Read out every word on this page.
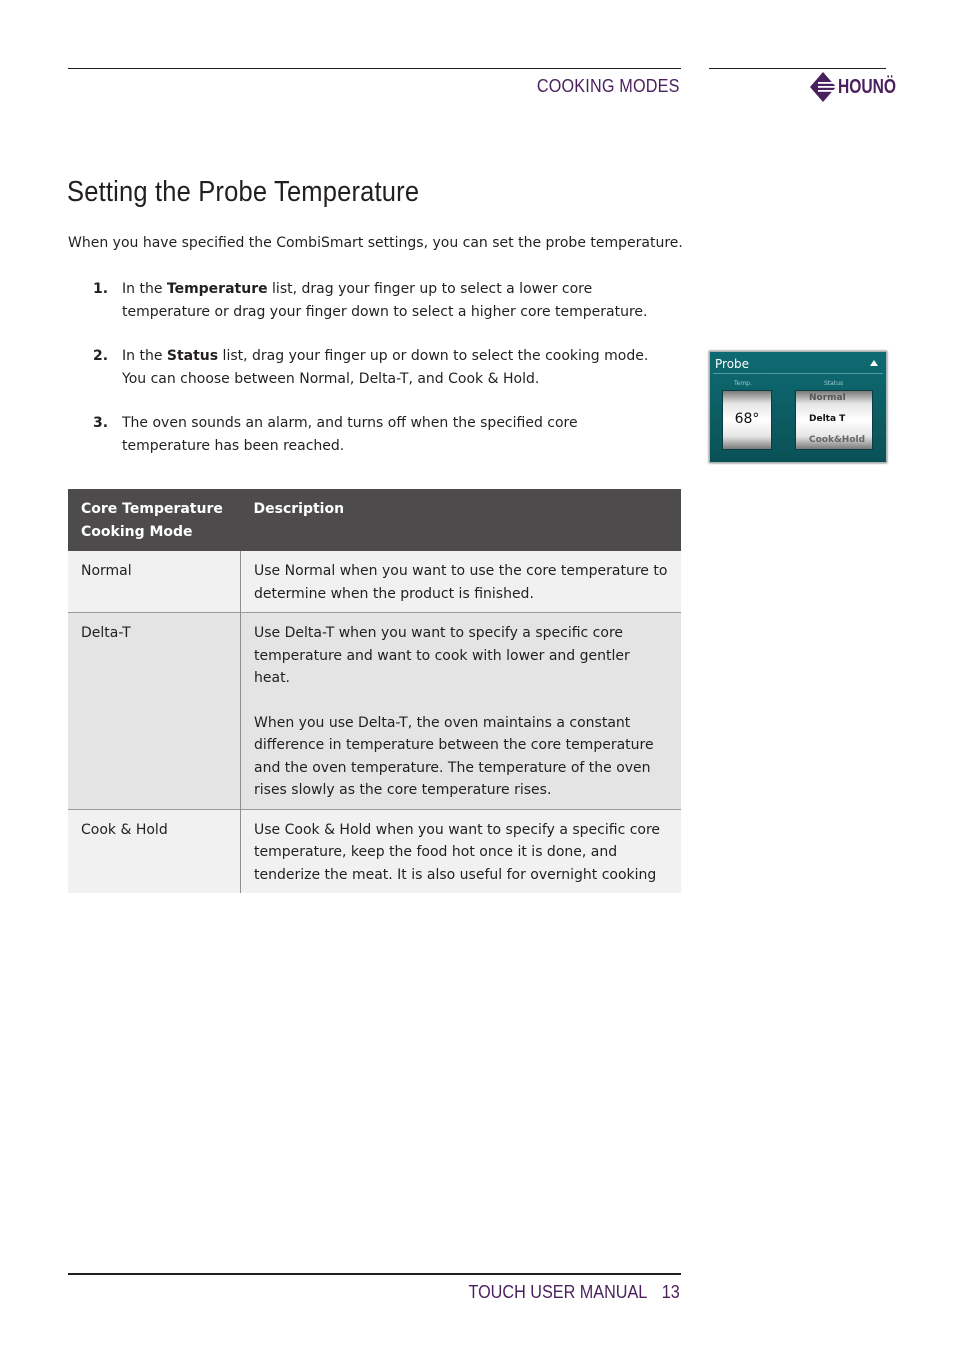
COOKING MODES	HOUNÖ
Setting the Probe Temperature
When you have specified the CombiSmart settings, you can set the probe temperature.
1. In the Temperature list, drag your finger up to select a lower core temperature or drag your finger down to select a higher core temperature.
2. In the Status list, drag your finger up or down to select the cooking mode. You can choose between Normal, Delta-T, and Cook & Hold.
3. The oven sounds an alarm, and turns off when the specified core temperature has been reached.
Probe
Temp.	Status
68°
Normal
Delta T
Cook&Hold
Core Temperature Cooking Mode	Description
Normal	Use Normal when you want to use the core temperature to determine when the product is finished.

Delta-T	Use Delta-T when you want to specify a specific core temperature and want to cook with lower and gentler heat.
When you use Delta-T, the oven maintains a constant difference in temperature between the core temperature and the oven temperature. The temperature of the oven rises slowly as the core temperature rises.

Cook & Hold	Use Cook & Hold when you want to specify a specific core temperature, keep the food hot once it is done, and tenderize the meat. It is also useful for overnight cooking
TOUCH USER MANUAL 13
